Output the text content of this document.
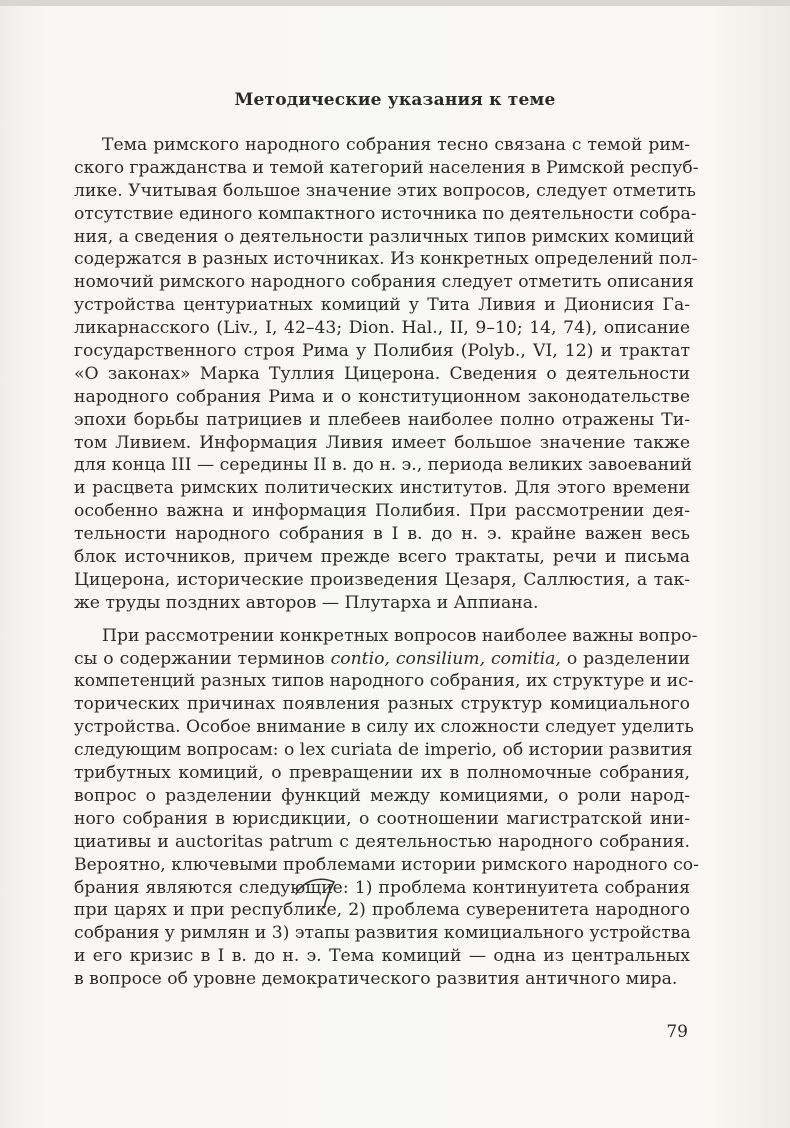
Методические указания к теме
Тема римского народного собрания тесно связана с темой рим-
ского гражданства и темой категорий населения в Римской респуб-
лике. Учитывая большое значение этих вопросов, следует отметить
отсутствие единого компактного источника по деятельности собра-
ния, а сведения о деятельности различных типов римских комиций
содержатся в разных источниках. Из конкретных определений пол-
номочий римского народного собрания следует отметить описания
устройства центуриатных комиций у Тита Ливия и Дионисия Га-
ликарнасского (Liv., I, 42–43; Dion. Hal., II, 9–10; 14, 74), описание
государственного строя Рима у Полибия (Polyb., VI, 12) и трактат
«О законах» Марка Туллия Цицерона. Сведения о деятельности
народного собрания Рима и о конституционном законодательстве
эпохи борьбы патрициев и плебеев наиболее полно отражены Ти-
том Ливием. Информация Ливия имеет большое значение также
для конца III — середины II в. до н. э., периода великих завоеваний
и расцвета римских политических институтов. Для этого времени
особенно важна и информация Полибия. При рассмотрении дея-
тельности народного собрания в I в. до н. э. крайне важен весь
блок источников, причем прежде всего трактаты, речи и письма
Цицерона, исторические произведения Цезаря, Саллюстия, а так-
же труды поздних авторов — Плутарха и Аппиана.
При рассмотрении конкретных вопросов наиболее важны вопро-
сы о содержании терминов contio, consilium, comitia, о разделении
компетенций разных типов народного собрания, их структуре и ис-
торических причинах появления разных структур комициального
устройства. Особое внимание в силу их сложности следует уделить
следующим вопросам: о lex curiata de imperio, об истории развития
трибутных комиций, о превращении их в полномочные собрания,
вопрос о разделении функций между комициями, о роли народ-
ного собрания в юрисдикции, о соотношении магистратской ини-
циативы и auctoritas patrum с деятельностью народного собрания.
Вероятно, ключевыми проблемами истории римского народного со-
брания являются следующие: 1) проблема континуитета собрания
при царях и при республике, 2) проблема суверенитета народного
собрания у римлян и 3) этапы развития комициального устройства
и его кризис в I в. до н. э. Тема комиций — одна из центральных
в вопросе об уровне демократического развития античного мира.
79
